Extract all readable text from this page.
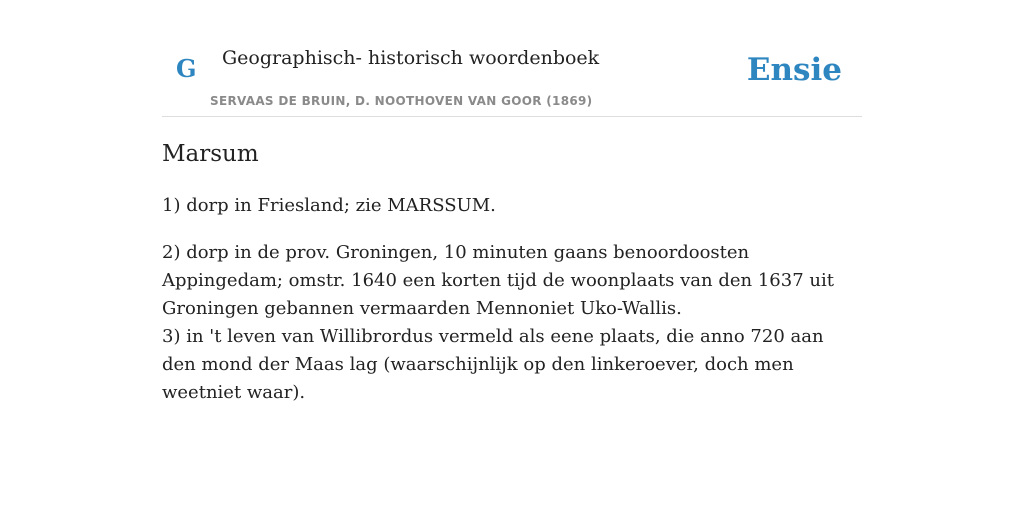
G Geographisch- historisch woordenboek
SERVAAS DE BRUIN, D. NOOTHOVEN VAN GOOR (1869)
Ensie
Marsum

1) dorp in Friesland; zie MARSSUM.

2) dorp in de prov. Groningen, 10 minuten gaans benoordoosten Appingedam; omstr. 1640 een korten tijd de woonplaats van den 1637 uit Groningen gebannen vermaarden Mennoniet Uko-Wallis.

3) in 't leven van Willibrordus vermeld als eene plaats, die anno 720 aan den mond der Maas lag (waarschijnlijk op den linkeroever, doch men weetniet waar).
